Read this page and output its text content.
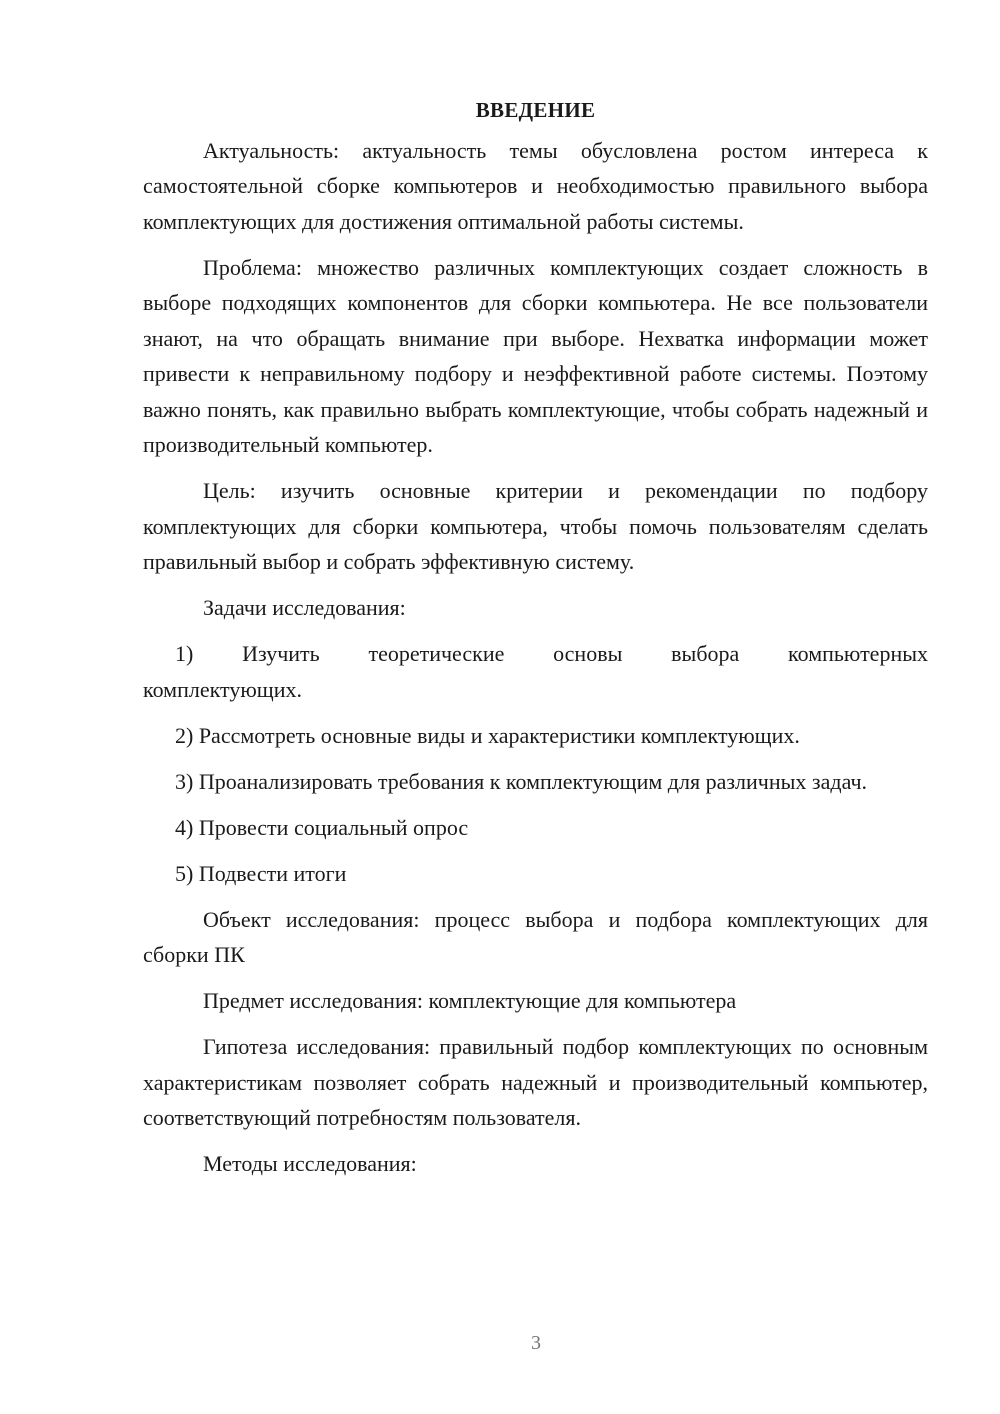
ВВЕДЕНИЕ

Актуальность: актуальность темы обусловлена ростом интереса к самостоятельной сборке компьютеров и необходимостью правильного выбора комплектующих для достижения оптимальной работы системы.

Проблема: множество различных комплектующих создает сложность в выборе подходящих компонентов для сборки компьютера. Не все пользователи знают, на что обращать внимание при выборе. Нехватка информации может привести к неправильному подбору и неэффективной работе системы. Поэтому важно понять, как правильно выбрать комплектующие, чтобы собрать надежный и производительный компьютер.

Цель: изучить основные критерии и рекомендации по подбору комплектующих для сборки компьютера, чтобы помочь пользователям сделать правильный выбор и собрать эффективную систему.

Задачи исследования:

1) Изучить теоретические основы выбора компьютерных комплектующих.

2) Рассмотреть основные виды и характеристики комплектующих.

3) Проанализировать требования к комплектующим для различных задач.

4) Провести социальный опрос

5) Подвести итоги

Объект исследования: процесс выбора и подбора комплектующих для сборки ПК

Предмет исследования: комплектующие для компьютера

Гипотеза исследования: правильный подбор комплектующих по основным характеристикам позволяет собрать надежный и производительный компьютер, соответствующий потребностям пользователя.

Методы исследования:

3
